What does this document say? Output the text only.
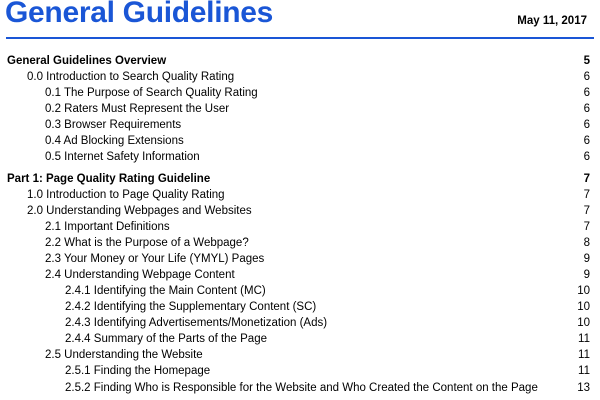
General Guidelines	May 11, 2017
General Guidelines Overview	5
0.0 Introduction to Search Quality Rating	6
0.1 The Purpose of Search Quality Rating	6
0.2 Raters Must Represent the User	6
0.3 Browser Requirements	6
0.4 Ad Blocking Extensions	6
0.5 Internet Safety Information	6
Part 1: Page Quality Rating Guideline	7
1.0 Introduction to Page Quality Rating	7
2.0 Understanding Webpages and Websites	7
2.1 Important Definitions	7
2.2 What is the Purpose of a Webpage?	8
2.3 Your Money or Your Life (YMYL) Pages	9
2.4 Understanding Webpage Content	9
2.4.1 Identifying the Main Content (MC)	10
2.4.2 Identifying the Supplementary Content (SC)	10
2.4.3 Identifying Advertisements/Monetization (Ads)	10
2.4.4 Summary of the Parts of the Page	11
2.5 Understanding the Website	11
2.5.1 Finding the Homepage	11
2.5.2 Finding Who is Responsible for the Website and Who Created the Content on the Page	13
